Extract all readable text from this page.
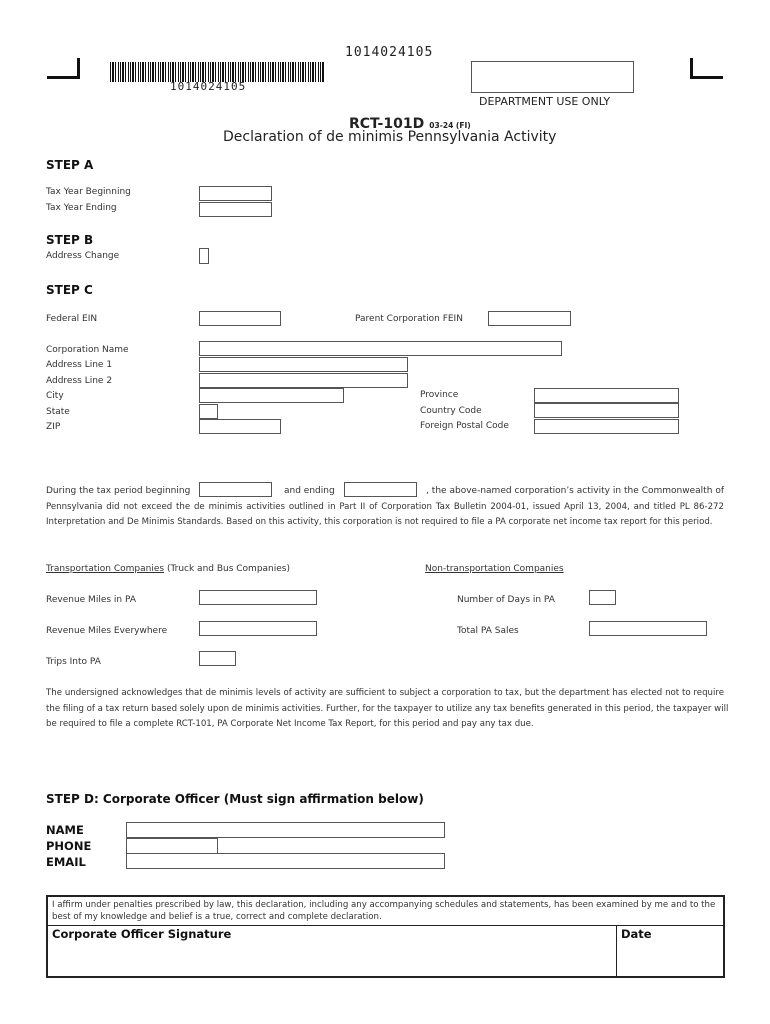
1014024105
1014024105
DEPARTMENT USE ONLY
RCT-101D 03-24 (FI)
Declaration of de minimis Pennsylvania Activity
STEP A
Tax Year Beginning
Tax Year Ending
STEP B
Address Change
STEP C
Federal EIN	Parent Corporation FEIN
Corporation Name
Address Line 1
Address Line 2
City
State
ZIP
Province
Country Code
Foreign Postal Code
During the tax period beginning	and ending	, the above-named corporation’s activity in the Commonwealth of
Pennsylvania did not exceed the de minimis activities outlined in Part II of Corporation Tax Bulletin 2004-01, issued April 13, 2004, and titled PL 86-272
Interpretation and De Minimis Standards. Based on this activity, this corporation is not required to file a PA corporate net income tax report for this period.
Transportation Companies (Truck and Bus Companies)	Non-transportation Companies
Revenue Miles in PA
Revenue Miles Everywhere
Trips Into PA
Number of Days in PA
Total PA Sales
The undersigned acknowledges that de minimis levels of activity are sufficient to subject a corporation to tax, but the department has elected not to require
the filing of a tax return based solely upon de minimis activities. Further, for the taxpayer to utilize any tax benefits generated in this period, the taxpayer will
be required to file a complete RCT-101, PA Corporate Net Income Tax Report, for this period and pay any tax due.
STEP D: Corporate Officer (Must sign affirmation below)
NAME
PHONE
EMAIL
I affirm under penalties prescribed by law, this declaration, including any accompanying schedules and statements, has been examined by me and to the
best of my knowledge and belief is a true, correct and complete declaration.
Corporate Officer Signature	Date
